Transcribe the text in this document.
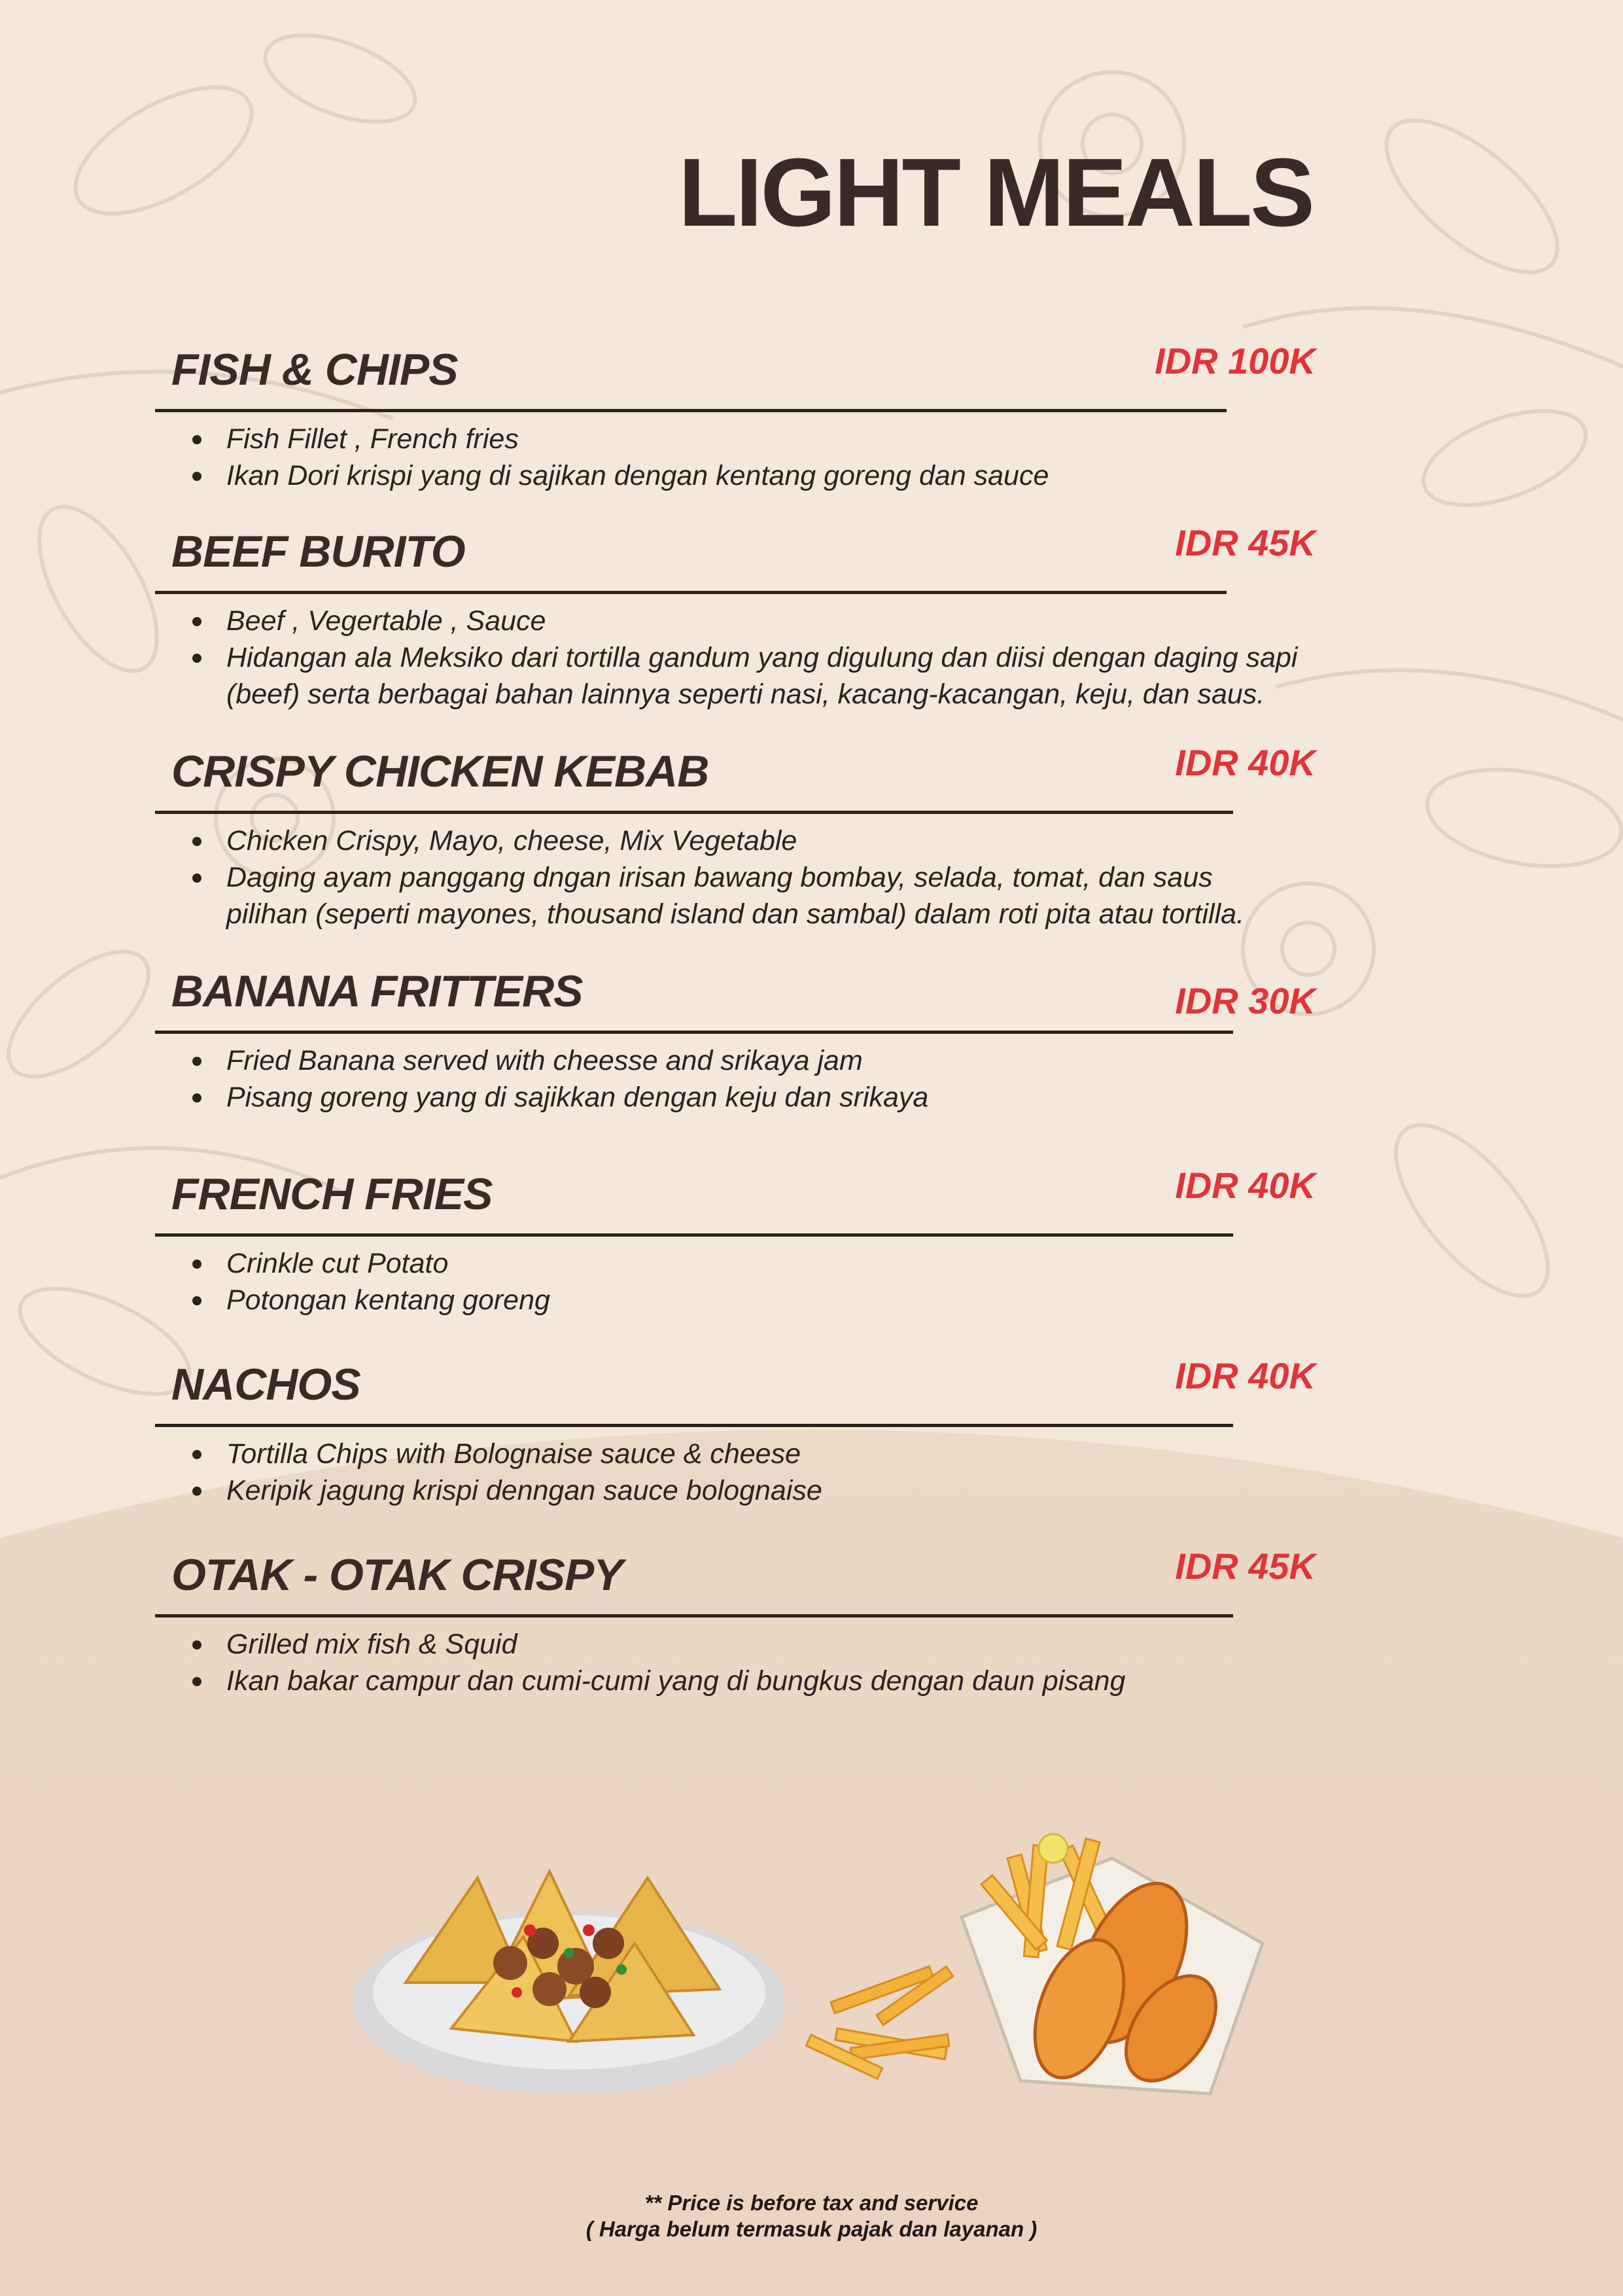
LIGHT MEALS
FISH & CHIPS	IDR 100K
Fish Fillet , French fries
Ikan Dori krispi yang di sajikan dengan kentang goreng dan sauce
BEEF BURITO	IDR 45K
Beef , Vegertable , Sauce
Hidangan ala Meksiko dari tortilla gandum yang digulung dan diisi dengan daging sapi (beef) serta berbagai bahan lainnya seperti nasi, kacang-kacangan, keju, dan saus.
CRISPY CHICKEN KEBAB	IDR 40K
Chicken Crispy, Mayo, cheese, Mix Vegetable
Daging ayam panggang dngan irisan bawang bombay, selada, tomat, dan saus pilihan (seperti mayones, thousand island dan sambal) dalam roti pita atau tortilla.
BANANA FRITTERS	IDR 30K
Fried Banana served with cheesse and srikaya jam
Pisang goreng yang di sajikkan dengan keju dan srikaya
FRENCH FRIES	IDR 40K
Crinkle cut Potato
Potongan kentang goreng
NACHOS	IDR 40K
Tortilla Chips with Bolognaise sauce & cheese
Keripik jagung krispi denngan sauce bolognaise
OTAK - OTAK CRISPY	IDR 45K
Grilled mix fish & Squid
Ikan bakar campur dan cumi-cumi yang di bungkus dengan daun pisang
** Price is before tax and service
( Harga belum termasuk pajak dan layanan )
